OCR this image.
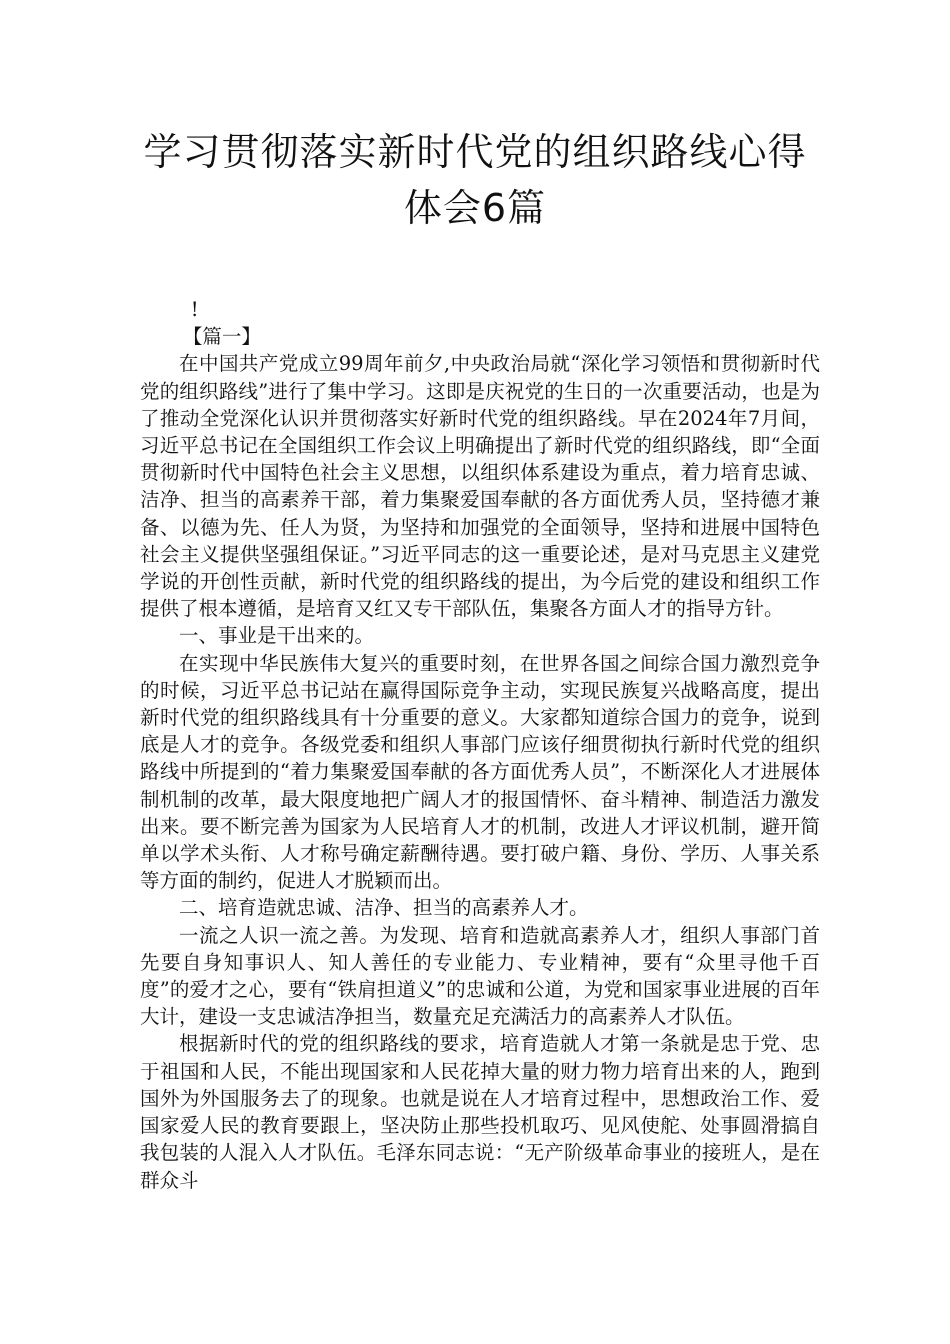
学习贯彻落实新时代党的组织路线心得
体会6篇

!

【篇一】

在中国共产党成立99周年前夕,中央政治局就“深化学习领悟和贯彻新时代党的组织路线”进行了集中学习。这即是庆祝党的生日的一次重要活动，也是为了推动全党深化认识并贯彻落实好新时代党的组织路线。早在2024年7月间，习近平总书记在全国组织工作会议上明确提出了新时代党的组织路线，即“全面贯彻新时代中国特色社会主义思想，以组织体系建设为重点，着力培育忠诚、洁净、担当的高素养干部，着力集聚爱国奉献的各方面优秀人员，坚持德才兼备、以德为先、任人为贤，为坚持和加强党的全面领导，坚持和进展中国特色社会主义提供坚强组保证。”习近平同志的这一重要论述，是对马克思主义建党学说的开创性贡献，新时代党的组织路线的提出，为今后党的建设和组织工作提供了根本遵循，是培育又红又专干部队伍，集聚各方面人才的指导方针。

一、事业是干出来的。

在实现中华民族伟大复兴的重要时刻，在世界各国之间综合国力激烈竞争的时候，习近平总书记站在赢得国际竞争主动，实现民族复兴战略高度，提出新时代党的组织路线具有十分重要的意义。大家都知道综合国力的竞争，说到底是人才的竞争。各级党委和组织人事部门应该仔细贯彻执行新时代党的组织路线中所提到的“着力集聚爱国奉献的各方面优秀人员”，不断深化人才进展体制机制的改革，最大限度地把广阔人才的报国情怀、奋斗精神、制造活力激发出来。要不断完善为国家为人民培育人才的机制，改进人才评议机制，避开简单以学术头衔、人才称号确定薪酬待遇。要打破户籍、身份、学历、人事关系等方面的制约，促进人才脱颖而出。

二、培育造就忠诚、洁净、担当的高素养人才。

一流之人识一流之善。为发现、培育和造就高素养人才，组织人事部门首先要自身知事识人、知人善任的专业能力、专业精神，要有“众里寻他千百度”的爱才之心，要有“铁肩担道义”的忠诚和公道，为党和国家事业进展的百年大计，建设一支忠诚洁净担当，数量充足充满活力的高素养人才队伍。

根据新时代的党的组织路线的要求，培育造就人才第一条就是忠于党、忠于祖国和人民，不能出现国家和人民花掉大量的财力物力培育出来的人，跑到国外为外国服务去了的现象。也就是说在人才培育过程中，思想政治工作、爱国家爱人民的教育要跟上，坚决防止那些投机取巧、见风使舵、处事圆滑搞自我包装的人混入人才队伍。毛泽东同志说：“无产阶级革命事业的接班人，是在群众斗
